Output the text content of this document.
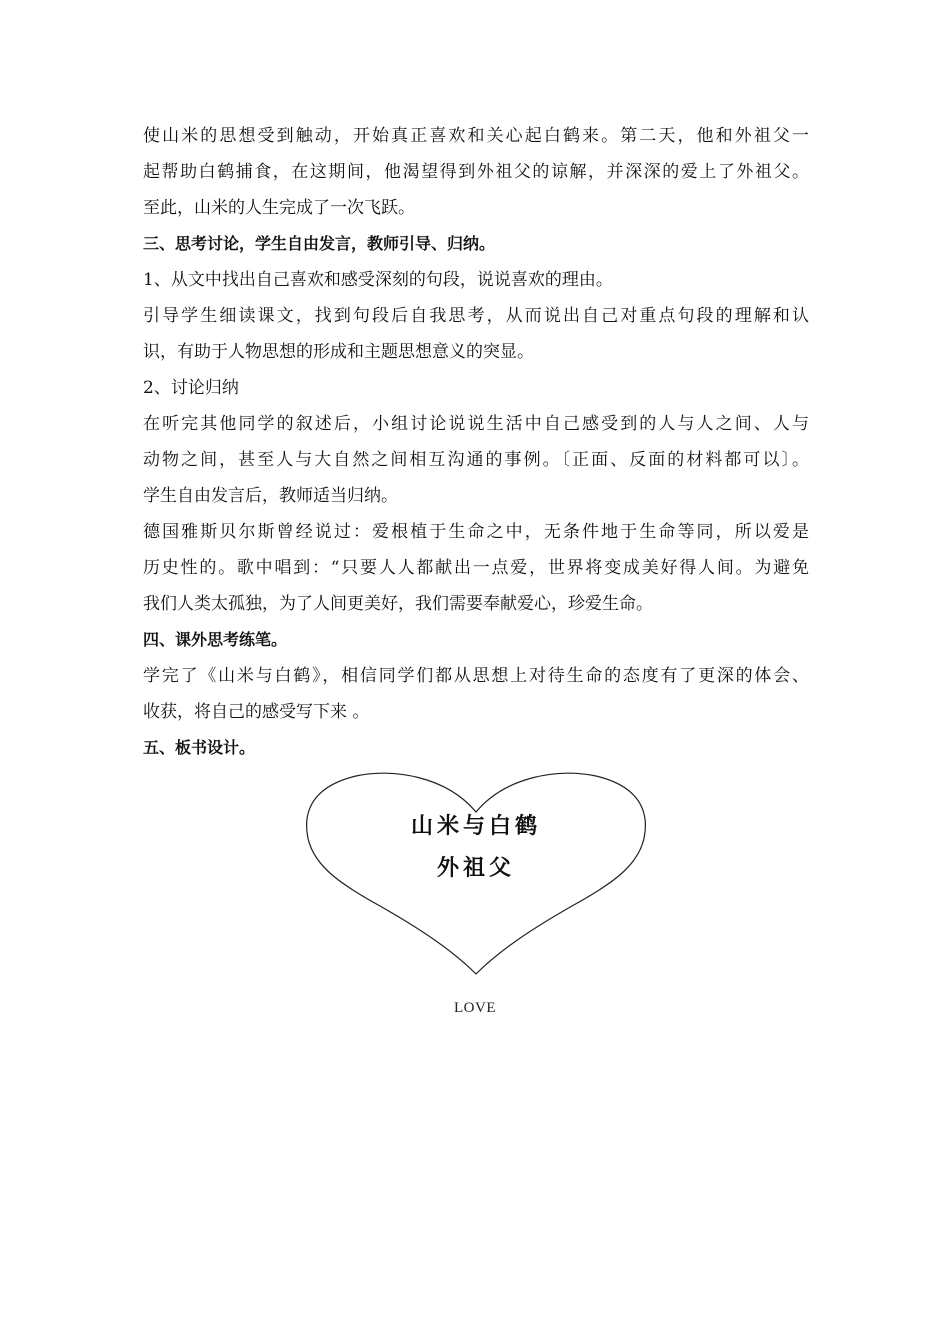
使山米的思想受到触动，开始真正喜欢和关心起白鹤来。第二天，他和外祖父一
起帮助白鹤捕食，在这期间，他渴望得到外祖父的谅解，并深深的爱上了外祖父。
至此，山米的人生完成了一次飞跃。
三、思考讨论，学生自由发言，教师引导、归纳。
1、从文中找出自己喜欢和感受深刻的句段，说说喜欢的理由。
引导学生细读课文，找到句段后自我思考，从而说出自己对重点句段的理解和认
识，有助于人物思想的形成和主题思想意义的突显。
2、讨论归纳
在听完其他同学的叙述后，小组讨论说说生活中自己感受到的人与人之间、人与
动物之间，甚至人与大自然之间相互沟通的事例。〔正面、反面的材料都可以〕。
学生自由发言后，教师适当归纳。
德国雅斯贝尔斯曾经说过：爱根植于生命之中，无条件地于生命等同，所以爱是
历史性的。歌中唱到：“只要人人都献出一点爱，世界将变成美好得人间。为避免
我们人类太孤独，为了人间更美好，我们需要奉献爱心，珍爱生命。
四、课外思考练笔。
学完了《山米与白鹤》，相信同学们都从思想上对待生命的态度有了更深的体会、
收获，将自己的感受写下来 。
五、板书设计。
山米与白鹤
外祖父
LOVE
